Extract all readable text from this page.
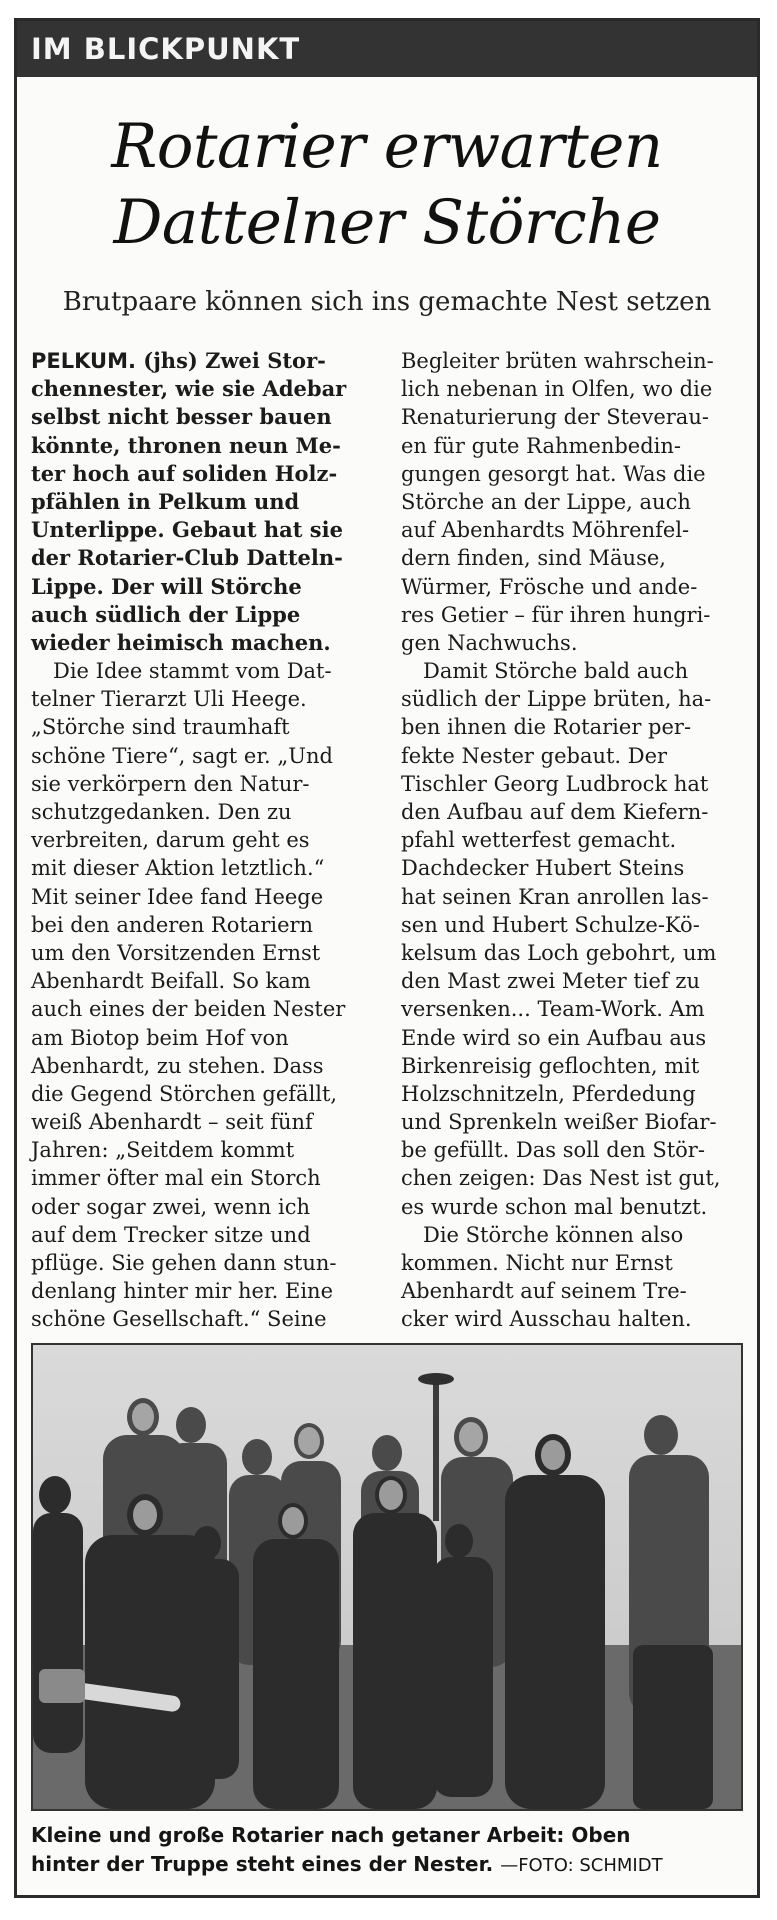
IM BLICKPUNKT
Rotarier erwarten
Dattelner Störche
Brutpaare können sich ins gemachte Nest setzen
PELKUM. (jhs) Zwei Stor-
chennester, wie sie Adebar
selbst nicht besser bauen
könnte, thronen neun Me-
ter hoch auf soliden Holz-
pfählen in Pelkum und
Unterlippe. Gebaut hat sie
der Rotarier-Club Datteln-
Lippe. Der will Störche
auch südlich der Lippe
wieder heimisch machen.
Die Idee stammt vom Dat-
telner Tierarzt Uli Heege.
„Störche sind traumhaft
schöne Tiere“, sagt er. „Und
sie verkörpern den Natur-
schutzgedanken. Den zu
verbreiten, darum geht es
mit dieser Aktion letztlich.“
Mit seiner Idee fand Heege
bei den anderen Rotariern
um den Vorsitzenden Ernst
Abenhardt Beifall. So kam
auch eines der beiden Nester
am Biotop beim Hof von
Abenhardt, zu stehen. Dass
die Gegend Störchen gefällt,
weiß Abenhardt – seit fünf
Jahren: „Seitdem kommt
immer öfter mal ein Storch
oder sogar zwei, wenn ich
auf dem Trecker sitze und
pflüge. Sie gehen dann stun-
denlang hinter mir her. Eine
schöne Gesellschaft.“ Seine
Begleiter brüten wahrschein-
lich nebenan in Olfen, wo die
Renaturierung der Steverau-
en für gute Rahmenbedin-
gungen gesorgt hat. Was die
Störche an der Lippe, auch
auf Abenhardts Möhrenfel-
dern finden, sind Mäuse,
Würmer, Frösche und ande-
res Getier – für ihren hungri-
gen Nachwuchs.
Damit Störche bald auch
südlich der Lippe brüten, ha-
ben ihnen die Rotarier per-
fekte Nester gebaut. Der
Tischler Georg Ludbrock hat
den Aufbau auf dem Kiefern-
pfahl wetterfest gemacht.
Dachdecker Hubert Steins
hat seinen Kran anrollen las-
sen und Hubert Schulze-Kö-
kelsum das Loch gebohrt, um
den Mast zwei Meter tief zu
versenken... Team-Work. Am
Ende wird so ein Aufbau aus
Birkenreisig geflochten, mit
Holzschnitzeln, Pferdedung
und Sprenkeln weißer Biofar-
be gefüllt. Das soll den Stör-
chen zeigen: Das Nest ist gut,
es wurde schon mal benutzt.
Die Störche können also
kommen. Nicht nur Ernst
Abenhardt auf seinem Tre-
cker wird Ausschau halten.
Kleine und große Rotarier nach getaner Arbeit: Oben
hinter der Truppe steht eines der Nester. —FOTO: SCHMIDT
